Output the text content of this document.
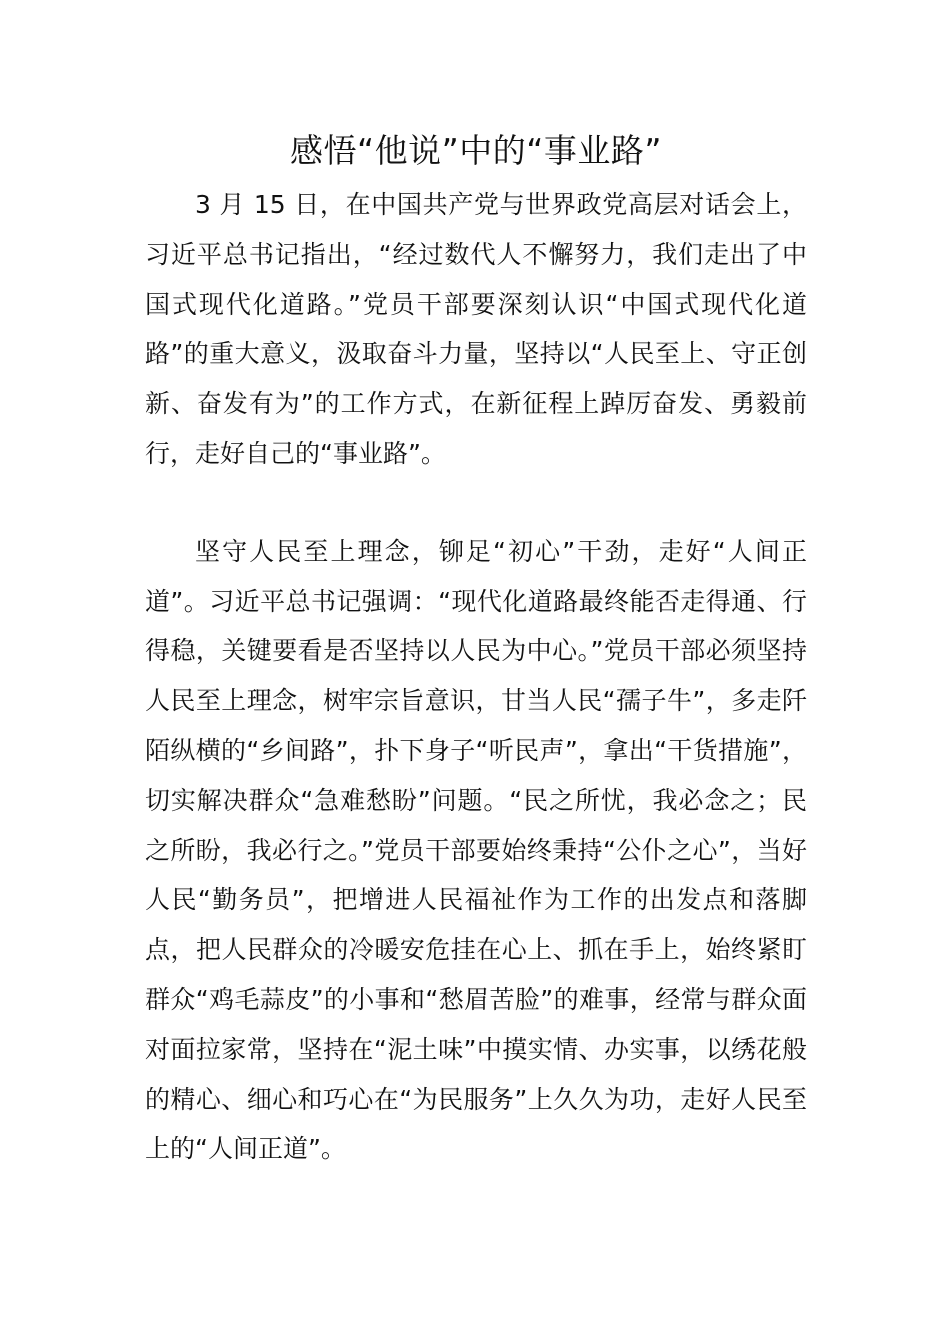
感悟“他说”中的“事业路”

3 月 15 日，在中国共产党与世界政党高层对话会上，习近平总书记指出，“经过数代人不懈努力，我们走出了中国式现代化道路。”党员干部要深刻认识“中国式现代化道路”的重大意义，汲取奋斗力量，坚持以“人民至上、守正创新、奋发有为”的工作方式，在新征程上踔厉奋发、勇毅前行，走好自己的“事业路”。

坚守人民至上理念，铆足“初心”干劲，走好“人间正道”。习近平总书记强调：“现代化道路最终能否走得通、行得稳，关键要看是否坚持以人民为中心。”党员干部必须坚持人民至上理念，树牢宗旨意识，甘当人民“孺子牛”，多走阡陌纵横的“乡间路”，扑下身子“听民声”，拿出“干货措施”，切实解决群众“急难愁盼”问题。“民之所忧，我必念之；民之所盼，我必行之。”党员干部要始终秉持“公仆之心”，当好人民“勤务员”，把增进人民福祉作为工作的出发点和落脚点，把人民群众的冷暖安危挂在心上、抓在手上，始终紧盯群众“鸡毛蒜皮”的小事和“愁眉苦脸”的难事，经常与群众面对面拉家常，坚持在“泥土味”中摸实情、办实事，以绣花般的精心、细心和巧心在“为民服务”上久久为功，走好人民至上的“人间正道”。
